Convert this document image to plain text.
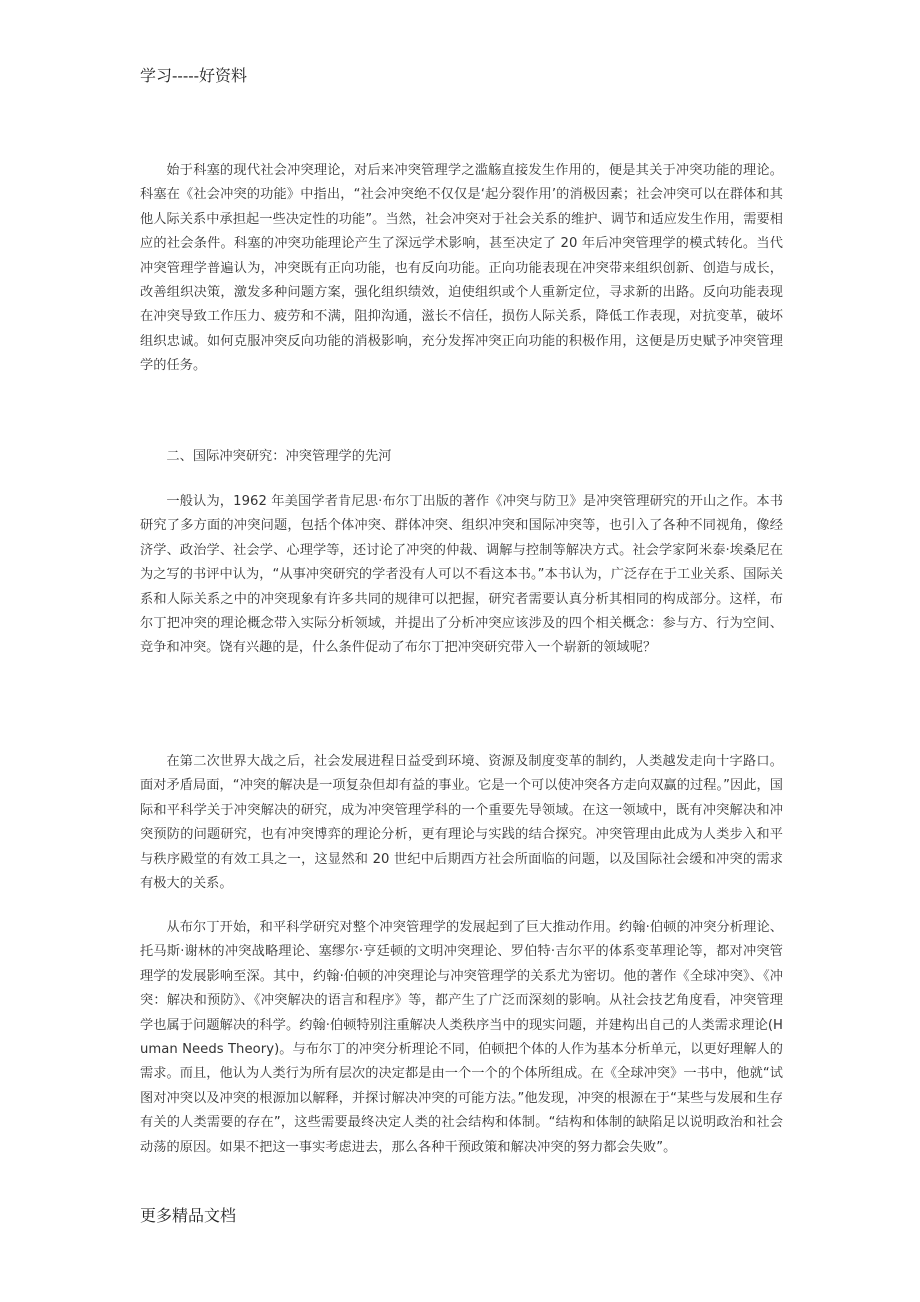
学习-----好资料

始于科塞的现代社会冲突理论，对后来冲突管理学之滥觞直接发生作用的，便是其关于冲突功能的理论。科塞在《社会冲突的功能》中指出，“社会冲突绝不仅仅是‘起分裂作用’的消极因素；社会冲突可以在群体和其他人际关系中承担起一些决定性的功能”。当然，社会冲突对于社会关系的维护、调节和适应发生作用，需要相应的社会条件。科塞的冲突功能理论产生了深远学术影响，甚至决定了 20 年后冲突管理学的模式转化。当代冲突管理学普遍认为，冲突既有正向功能，也有反向功能。正向功能表现在冲突带来组织创新、创造与成长，改善组织决策，激发多种问题方案，强化组织绩效，迫使组织或个人重新定位，寻求新的出路。反向功能表现在冲突导致工作压力、疲劳和不满，阻抑沟通，滋长不信任，损伤人际关系，降低工作表现，对抗变革，破坏组织忠诚。如何克服冲突反向功能的消极影响，充分发挥冲突正向功能的积极作用，这便是历史赋予冲突管理学的任务。

二、国际冲突研究：冲突管理学的先河

一般认为，1962 年美国学者肯尼思·布尔丁出版的著作《冲突与防卫》是冲突管理研究的开山之作。本书研究了多方面的冲突问题，包括个体冲突、群体冲突、组织冲突和国际冲突等，也引入了各种不同视角，像经济学、政治学、社会学、心理学等，还讨论了冲突的仲裁、调解与控制等解决方式。社会学家阿米泰·埃桑尼在为之写的书评中认为，“从事冲突研究的学者没有人可以不看这本书。”本书认为，广泛存在于工业关系、国际关系和人际关系之中的冲突现象有许多共同的规律可以把握，研究者需要认真分析其相同的构成部分。这样，布尔丁把冲突的理论概念带入实际分析领域，并提出了分析冲突应该涉及的四个相关概念：参与方、行为空间、竞争和冲突。饶有兴趣的是，什么条件促动了布尔丁把冲突研究带入一个崭新的领域呢？

在第二次世界大战之后，社会发展进程日益受到环境、资源及制度变革的制约，人类越发走向十字路口。面对矛盾局面，“冲突的解决是一项复杂但却有益的事业。它是一个可以使冲突各方走向双赢的过程。”因此，国际和平科学关于冲突解决的研究，成为冲突管理学科的一个重要先导领域。在这一领域中，既有冲突解决和冲突预防的问题研究，也有冲突博弈的理论分析，更有理论与实践的结合探究。冲突管理由此成为人类步入和平与秩序殿堂的有效工具之一，这显然和 20 世纪中后期西方社会所面临的问题，以及国际社会缓和冲突的需求有极大的关系。

从布尔丁开始，和平科学研究对整个冲突管理学的发展起到了巨大推动作用。约翰·伯顿的冲突分析理论、托马斯·谢林的冲突战略理论、塞缪尔·亨廷顿的文明冲突理论、罗伯特·吉尔平的体系变革理论等，都对冲突管理学的发展影响至深。其中，约翰·伯顿的冲突理论与冲突管理学的关系尤为密切。他的著作《全球冲突》、《冲突：解决和预防》、《冲突解决的语言和程序》等，都产生了广泛而深刻的影响。从社会技艺角度看，冲突管理学也属于问题解决的科学。约翰·伯顿特别注重解决人类秩序当中的现实问题，并建构出自己的人类需求理论(Human Needs Theory)。与布尔丁的冲突分析理论不同，伯顿把个体的人作为基本分析单元，以更好理解人的需求。而且，他认为人类行为所有层次的决定都是由一个一个的个体所组成。在《全球冲突》一书中，他就“试图对冲突以及冲突的根源加以解释，并探讨解决冲突的可能方法。”他发现，冲突的根源在于“某些与发展和生存有关的人类需要的存在”，这些需要最终决定人类的社会结构和体制。“结构和体制的缺陷足以说明政治和社会动荡的原因。如果不把这一事实考虑进去，那么各种干预政策和解决冲突的努力都会失败”。

更多精品文档
